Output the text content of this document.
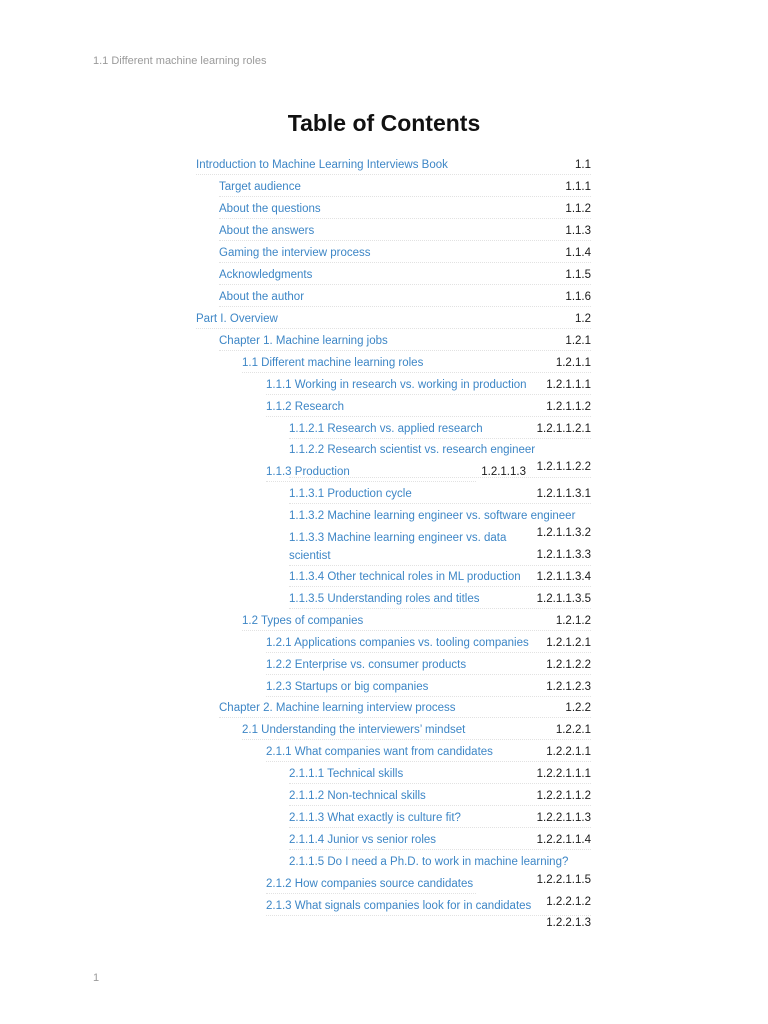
1.1 Different machine learning roles
Table of Contents
Introduction to Machine Learning Interviews Book	1.1
Target audience	1.1.1
About the questions	1.1.2
About the answers	1.1.3
Gaming the interview process	1.1.4
Acknowledgments	1.1.5
About the author	1.1.6
Part I. Overview	1.2
Chapter 1. Machine learning jobs	1.2.1
1.1 Different machine learning roles	1.2.1.1
1.1.1 Working in research vs. working in production	1.2.1.1.1
1.1.2 Research	1.2.1.1.2
1.1.2.1 Research vs. applied research	1.2.1.1.2.1
1.1.2.2 Research scientist vs. research engineer
1.2.1.1.2.2
1.1.3 Production	1.2.1.1.3
1.1.3.1 Production cycle	1.2.1.1.3.1
1.1.3.2 Machine learning engineer vs. software engineer
1.2.1.1.3.2
1.1.3.3 Machine learning engineer vs. data
scientist	1.2.1.1.3.3
1.1.3.4 Other technical roles in ML production	1.2.1.1.3.4
1.1.3.5 Understanding roles and titles	1.2.1.1.3.5
1.2 Types of companies	1.2.1.2
1.2.1 Applications companies vs. tooling companies	1.2.1.2.1
1.2.2 Enterprise vs. consumer products	1.2.1.2.2
1.2.3 Startups or big companies	1.2.1.2.3
Chapter 2. Machine learning interview process	1.2.2
2.1 Understanding the interviewers’ mindset	1.2.2.1
2.1.1 What companies want from candidates	1.2.2.1.1
2.1.1.1 Technical skills	1.2.2.1.1.1
2.1.1.2 Non-technical skills	1.2.2.1.1.2
2.1.1.3 What exactly is culture fit?	1.2.2.1.1.3
2.1.1.4 Junior vs senior roles	1.2.2.1.1.4
2.1.1.5 Do I need a Ph.D. to work in machine learning?
1.2.2.1.1.5
2.1.2 How companies source candidates
1.2.2.1.2
2.1.3 What signals companies look for in candidates
1.2.2.1.3
1
